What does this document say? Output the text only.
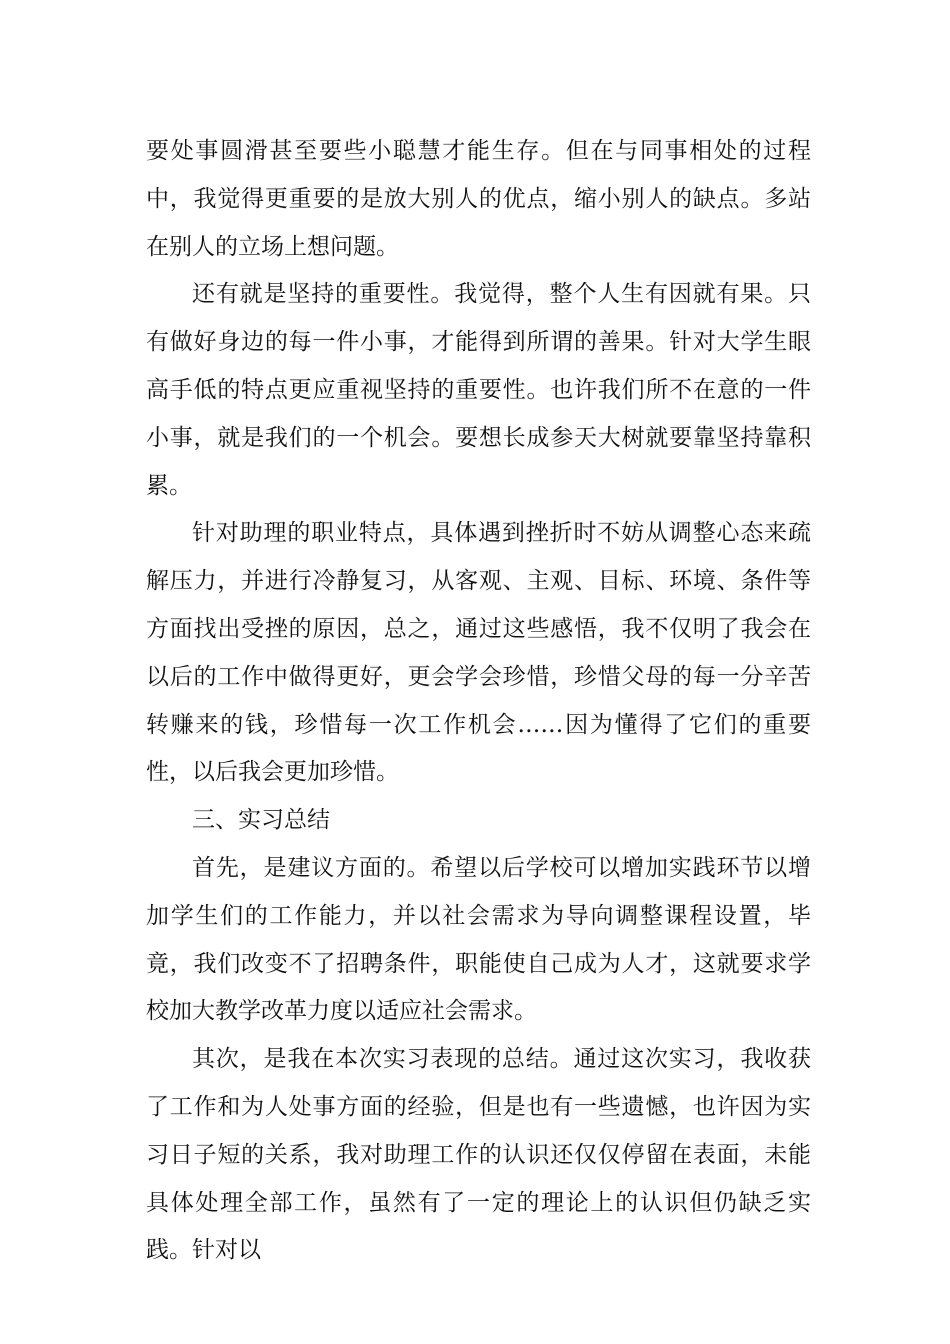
要处事圆滑甚至要些小聪慧才能生存。但在与同事相处的过程中，我觉得更重要的是放大别人的优点，缩小别人的缺点。多站在别人的立场上想问题。

还有就是坚持的重要性。我觉得，整个人生有因就有果。只有做好身边的每一件小事，才能得到所谓的善果。针对大学生眼高手低的特点更应重视坚持的重要性。也许我们所不在意的一件小事，就是我们的一个机会。要想长成参天大树就要靠坚持靠积累。

针对助理的职业特点，具体遇到挫折时不妨从调整心态来疏解压力，并进行冷静复习，从客观、主观、目标、环境、条件等方面找出受挫的原因，总之，通过这些感悟，我不仅明了我会在以后的工作中做得更好，更会学会珍惜，珍惜父母的每一分辛苦转赚来的钱，珍惜每一次工作机会……因为懂得了它们的重要性，以后我会更加珍惜。

三、实习总结

首先，是建议方面的。希望以后学校可以增加实践环节以增加学生们的工作能力，并以社会需求为导向调整课程设置，毕竟，我们改变不了招聘条件，职能使自己成为人才，这就要求学校加大教学改革力度以适应社会需求。

其次，是我在本次实习表现的总结。通过这次实习，我收获了工作和为人处事方面的经验，但是也有一些遗憾，也许因为实习日子短的关系，我对助理工作的认识还仅仅停留在表面，未能具体处理全部工作，虽然有了一定的理论上的认识但仍缺乏实践。针对以
